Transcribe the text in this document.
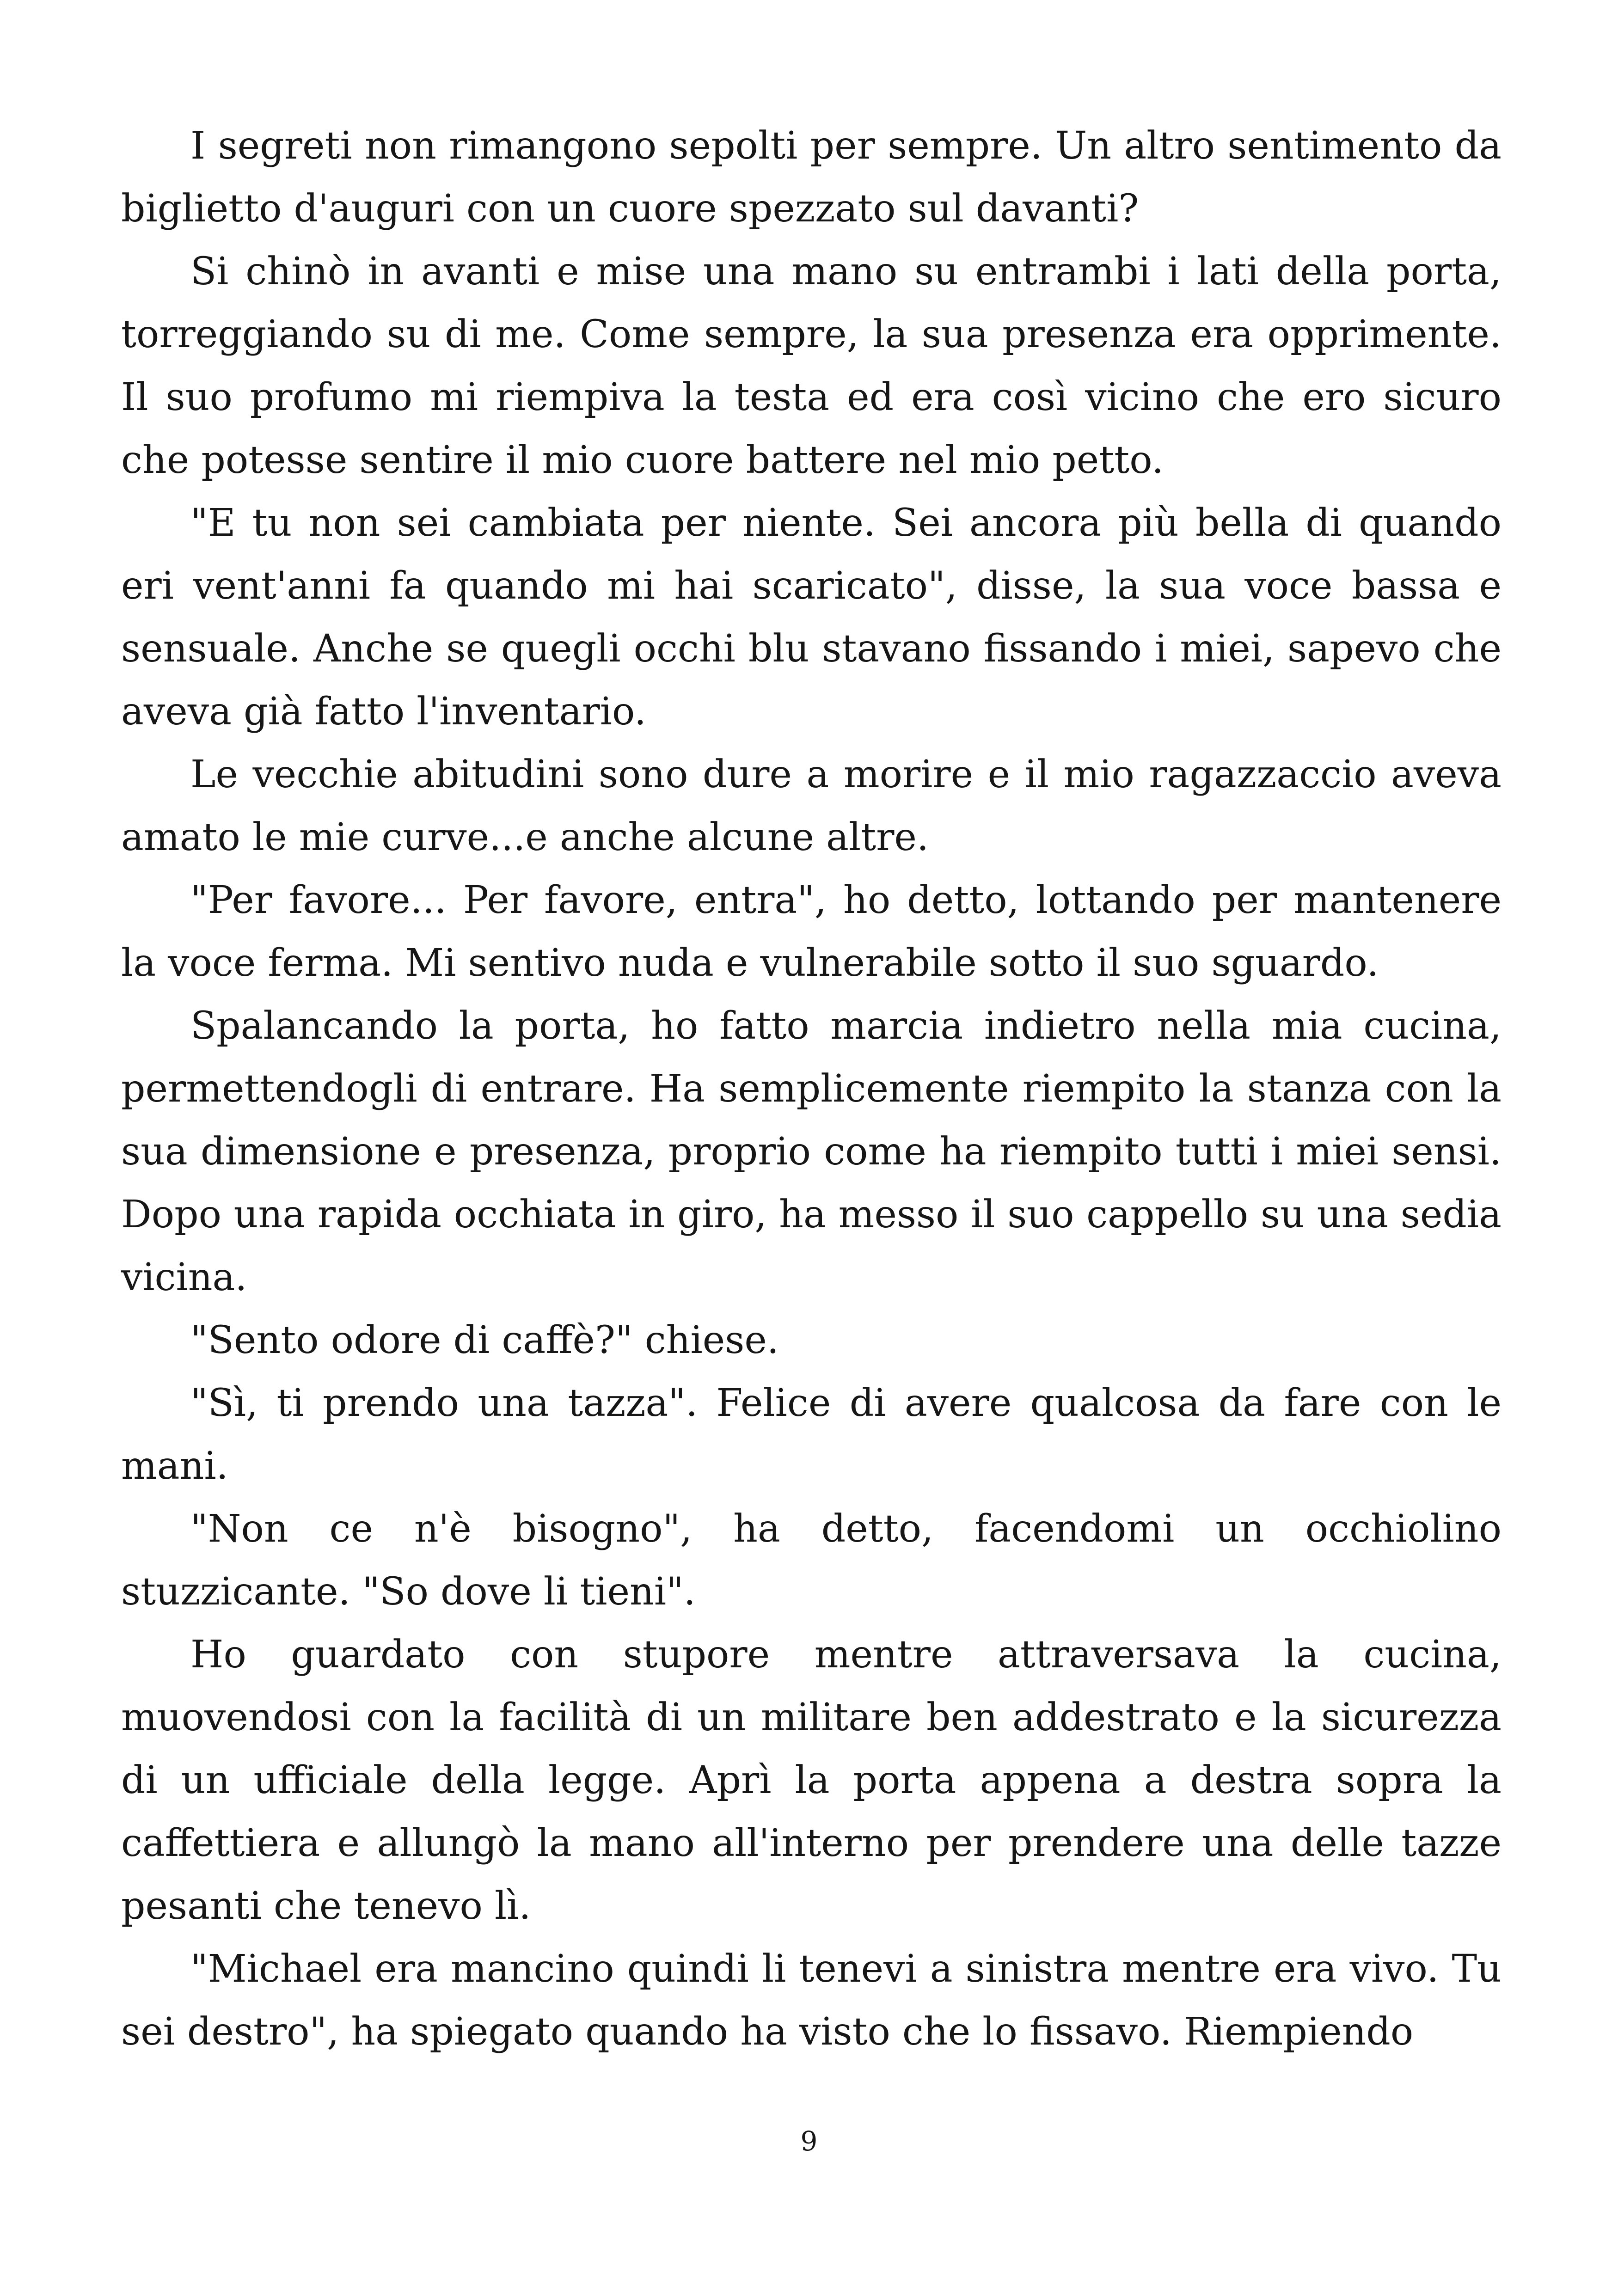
I segreti non rimangono sepolti per sempre. Un altro sentimento da biglietto d'auguri con un cuore spezzato sul davanti?

Si chinò in avanti e mise una mano su entrambi i lati della porta, torreggiando su di me. Come sempre, la sua presenza era opprimente. Il suo profumo mi riempiva la testa ed era così vicino che ero sicuro che potesse sentire il mio cuore battere nel mio petto.

"E tu non sei cambiata per niente. Sei ancora più bella di quando eri vent'anni fa quando mi hai scaricato", disse, la sua voce bassa e sensuale. Anche se quegli occhi blu stavano fissando i miei, sapevo che aveva già fatto l'inventario.

Le vecchie abitudini sono dure a morire e il mio ragazzaccio aveva amato le mie curve...e anche alcune altre.

"Per favore... Per favore, entra", ho detto, lottando per mantenere la voce ferma. Mi sentivo nuda e vulnerabile sotto il suo sguardo.

Spalancando la porta, ho fatto marcia indietro nella mia cucina, permettendogli di entrare. Ha semplicemente riempito la stanza con la sua dimensione e presenza, proprio come ha riempito tutti i miei sensi. Dopo una rapida occhiata in giro, ha messo il suo cappello su una sedia vicina.

"Sento odore di caffè?" chiese.

"Sì, ti prendo una tazza". Felice di avere qualcosa da fare con le mani.

"Non ce n'è bisogno", ha detto, facendomi un occhiolino stuzzicante. "So dove li tieni".

Ho guardato con stupore mentre attraversava la cucina, muovendosi con la facilità di un militare ben addestrato e la sicurezza di un ufficiale della legge. Aprì la porta appena a destra sopra la caffettiera e allungò la mano all'interno per prendere una delle tazze pesanti che tenevo lì.

"Michael era mancino quindi li tenevi a sinistra mentre era vivo. Tu sei destro", ha spiegato quando ha visto che lo fissavo. Riempiendo

9
